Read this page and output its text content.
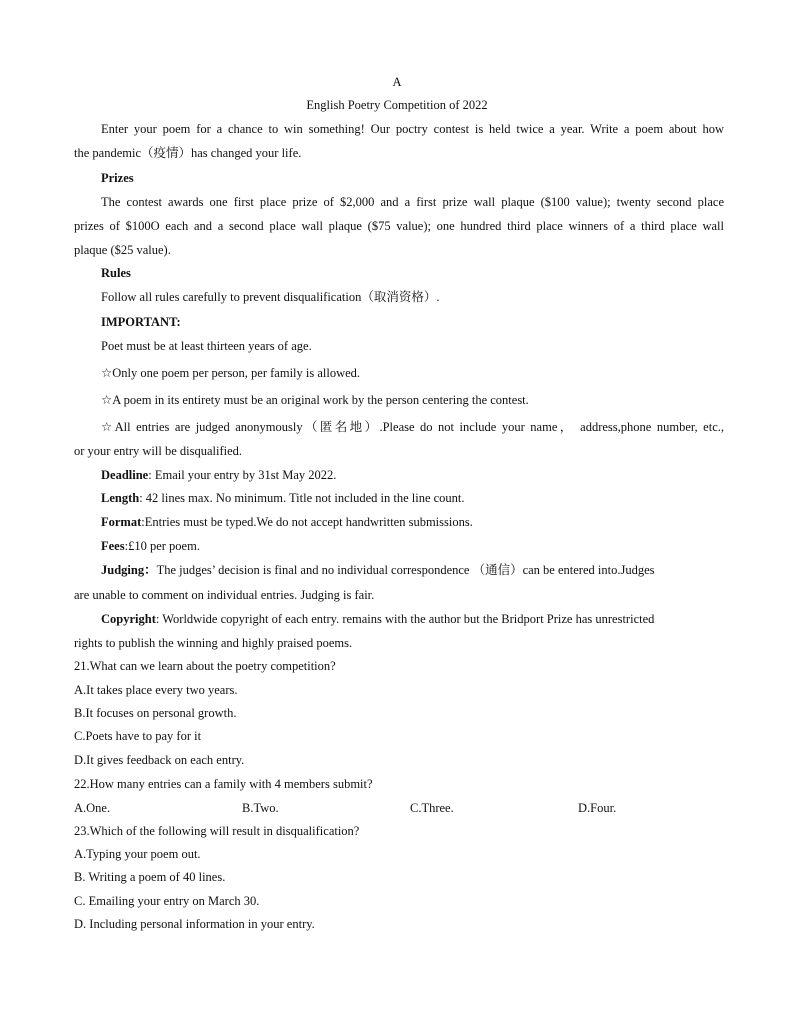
A
English Poetry Competition of 2022
Enter your poem for a chance to win something! Our poctry contest is held twice a year. Write a poem about how
the pandemic（疫情）has changed your life.
Prizes
The contest awards one first place prize of $2,000 and a first prize wall plaque ($100 value); twenty second place
prizes of $100O each and a second place wall plaque ($75 value); one hundred third place winners of a third place wall
plaque ($25 value).
Rules
Follow all rules carefully to prevent disqualification（取消资格）.
IMPORTANT:
Poet must be at least thirteen years of age.
☆Only one poem per person, per family is allowed.
☆A poem in its entirety must be an original work by the person centering the contest.
☆All entries are judged anonymously（匿名地）.Please do not include your name， address,phone number, etc.,
or your entry will be disqualified.
Deadline: Email your entry by 31st May 2022.
Length: 42 lines max. No minimum. Title not included in the line count.
Format:Entries must be typed.We do not accept handwritten submissions.
Fees:£10 per poem.
Judging：The judges’ decision is final and no individual correspondence （通信）can be entered into.Judges
are unable to comment on individual entries. Judging is fair.
Copyright: Worldwide copyright of each entry. remains with the author but the Bridport Prize has unrestricted
rights to publish the winning and highly praised poems.
21.What can we learn about the poetry competition?
A.It takes place every two years.
B.It focuses on personal growth.
C.Poets have to pay for it
D.It gives feedback on each entry.
22.How many entries can a family with 4 members submit?
A.One.	B.Two.	C.Three.	D.Four.
23.Which of the following will result in disqualification?
A.Typing your poem out.
B. Writing a poem of 40 lines.
C. Emailing your entry on March 30.
D. Including personal information in your entry.
